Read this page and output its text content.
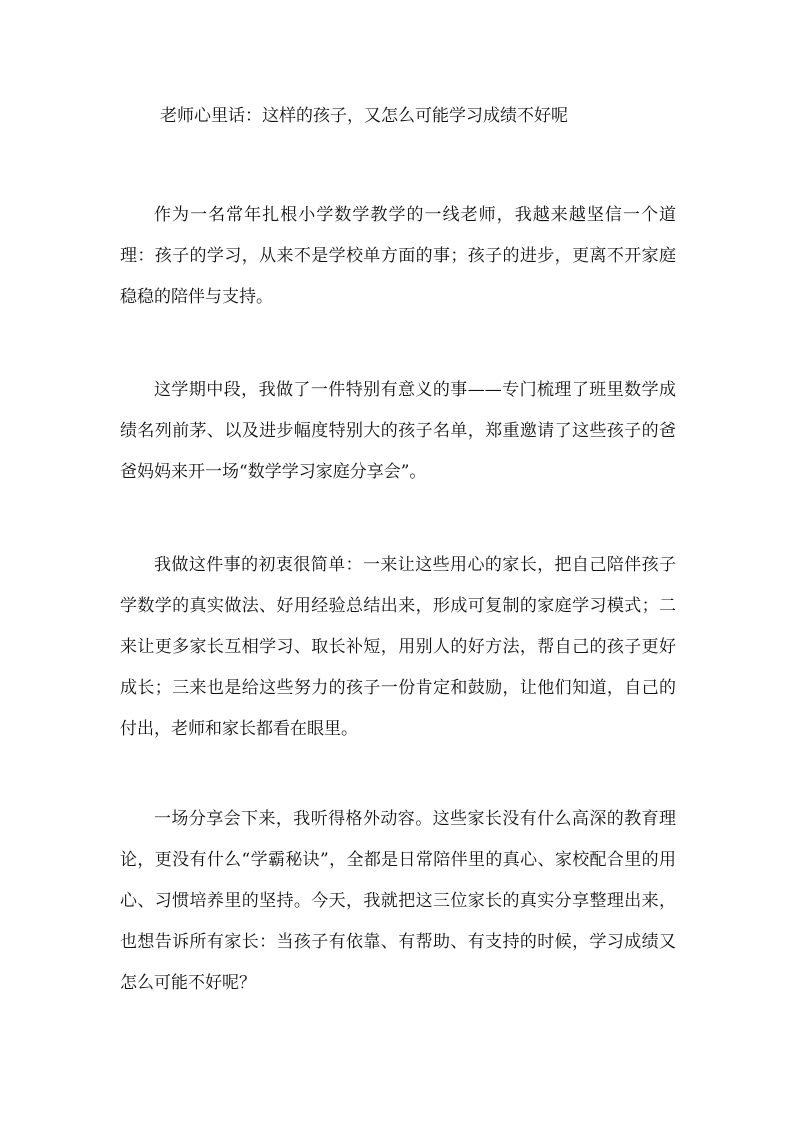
老师心里话：这样的孩子，又怎么可能学习成绩不好呢

作为一名常年扎根小学数学教学的一线老师，我越来越坚信一个道理：孩子的学习，从来不是学校单方面的事；孩子的进步，更离不开家庭稳稳的陪伴与支持。

这学期中段，我做了一件特别有意义的事——专门梳理了班里数学成绩名列前茅、以及进步幅度特别大的孩子名单，郑重邀请了这些孩子的爸爸妈妈来开一场“数学学习家庭分享会”。

我做这件事的初衷很简单：一来让这些用心的家长，把自己陪伴孩子学数学的真实做法、好用经验总结出来，形成可复制的家庭学习模式；二来让更多家长互相学习、取长补短，用别人的好方法，帮自己的孩子更好成长；三来也是给这些努力的孩子一份肯定和鼓励，让他们知道，自己的付出，老师和家长都看在眼里。

一场分享会下来，我听得格外动容。这些家长没有什么高深的教育理论，更没有什么“学霸秘诀”，全都是日常陪伴里的真心、家校配合里的用心、习惯培养里的坚持。今天，我就把这三位家长的真实分享整理出来，也想告诉所有家长：当孩子有依靠、有帮助、有支持的时候，学习成绩又怎么可能不好呢？
